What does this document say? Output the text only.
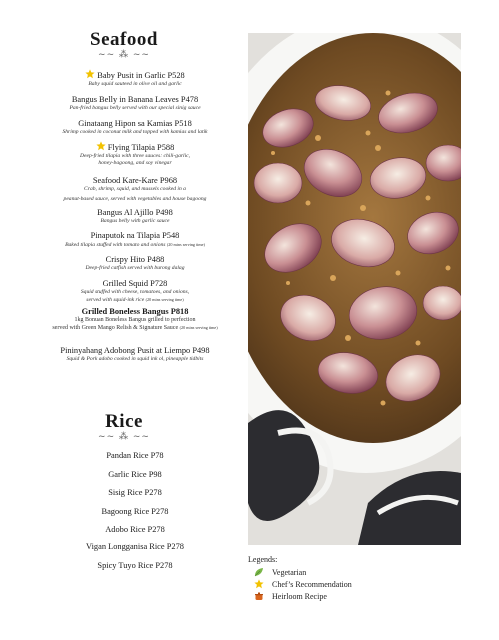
Seafood
~~ ⁂ ~~
Baby Pusit in Garlic P528
Baby squid sauteed in olive oil and garlic
Bangus Belly in Banana Leaves P478
Pan-fried bangus belly served with our special sinig sauce
Ginataang Hipon sa Kamias P518
Shrimp cooked in coconut milk and topped with kamias and latik
Flying Tilapia P588
Deep-fried tilapia with three sauces: chili-garlic,
honey-bagoong, and soy vinegar
Seafood Kare-Kare P968
Crab, shrimp, squid, and mussels cooked in a
peanut-based sauce, served with vegetables and house bagoong
Bangus Al Ajillo P498
Bangus belly with garlic sauce
Pinaputok na Tilapia P548
Baked tilapia stuffed with tomato and onions (20 mins serving time)
Crispy Hito P488
Deep-fried catfish served with burong dalag
Grilled Squid P728
Squid stuffed with cheese, tomatoes, and onions,
served with squid-ink rice (20 mins serving time)
Grilled Boneless Bangus P818
1kg Bonuan Boneless Bangus grilled to perfection
served with Green Mango Relish & Signature Sauce (20 mins serving time)
Pininyahang Adobong Pusit at Liempo P498
Squid & Pork adobo cooked in squid ink ol, pineapple tidbits
Rice
~~ ⁂ ~~
Pandan Rice P78
Garlic Rice P98
Sisig Rice P278
Bagoong Rice P278
Adobo Rice P278
Vigan Longganisa Rice P278
Spicy Tuyo Rice P278
Legends:
Vegetarian
Chef’s Recommendation
Heirloom Recipe
